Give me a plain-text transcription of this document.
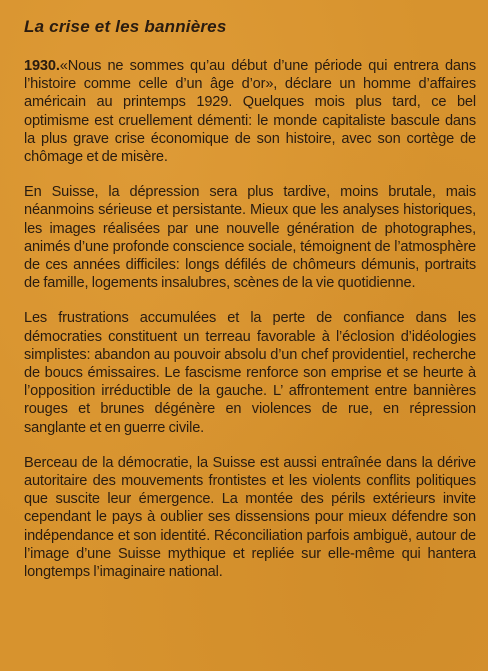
La crise et les bannières

1930.«Nous ne sommes qu’au début d’une période qui entrera dans l’histoire comme celle d’un âge d’or», déclare un homme d’affaires américain au printemps 1929. Quelques mois plus tard, ce bel optimisme est cruellement démenti: le monde capitaliste bascule dans la plus grave crise économique de son histoire, avec son cortège de chômage et de misère.

En Suisse, la dépression sera plus tardive, moins brutale, mais néanmoins sérieuse et persistante. Mieux que les analyses historiques, les images réalisées par une nouvelle génération de photographes, animés d’une profonde conscience sociale, témoignent de l’atmosphère de ces années difficiles: longs défilés de chômeurs démunis, portraits de famille, logements insalubres, scènes de la vie quotidienne.

Les frustrations accumulées et la perte de confiance dans les démocraties constituent un terreau favorable à l’éclosion d’idéologies simplistes: abandon au pouvoir absolu d’un chef providentiel, recherche de boucs émissaires. Le fascisme renforce son emprise et se heurte à l’opposition irréductible de la gauche. L’ affrontement entre bannières rouges et brunes dégénère en violences de rue, en répression sanglante et en guerre civile.

Berceau de la démocratie, la Suisse est aussi entraînée dans la dérive autoritaire des mouvements frontistes et les violents conflits politiques que suscite leur émergence. La montée des périls extérieurs invite cependant le pays à oublier ses dissensions pour mieux défendre son indépendance et son identité. Réconciliation parfois ambiguë, autour de l’image d’une Suisse mythique et repliée sur elle-même qui hantera longtemps l’imaginaire national.
